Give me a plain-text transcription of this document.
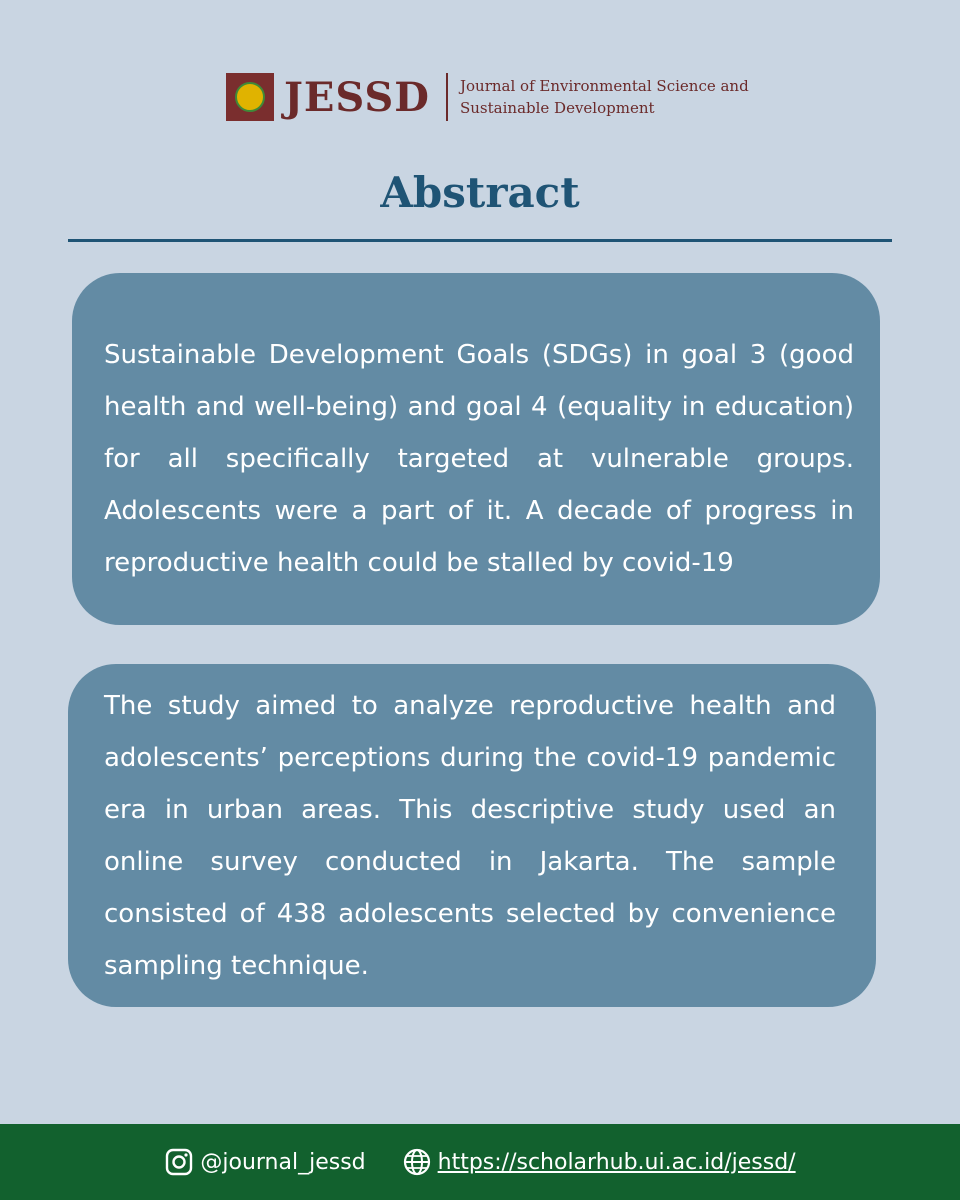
JESSD Journal of Environmental Science and
Sustainable Development
Abstract

Sustainable Development Goals (SDGs) in goal 3 (good health and well-being) and goal 4 (equality in education) for all specifically targeted at vulnerable groups. Adolescents were a part of it. A decade of progress in reproductive health could be stalled by covid-19

The study aimed to analyze reproductive health and adolescents’ perceptions during the covid-19 pandemic era in urban areas. This descriptive study used an online survey conducted in Jakarta. The sample consisted of 438 adolescents selected by convenience sampling technique.

@journal_jessd	https://scholarhub.ui.ac.id/jessd/
